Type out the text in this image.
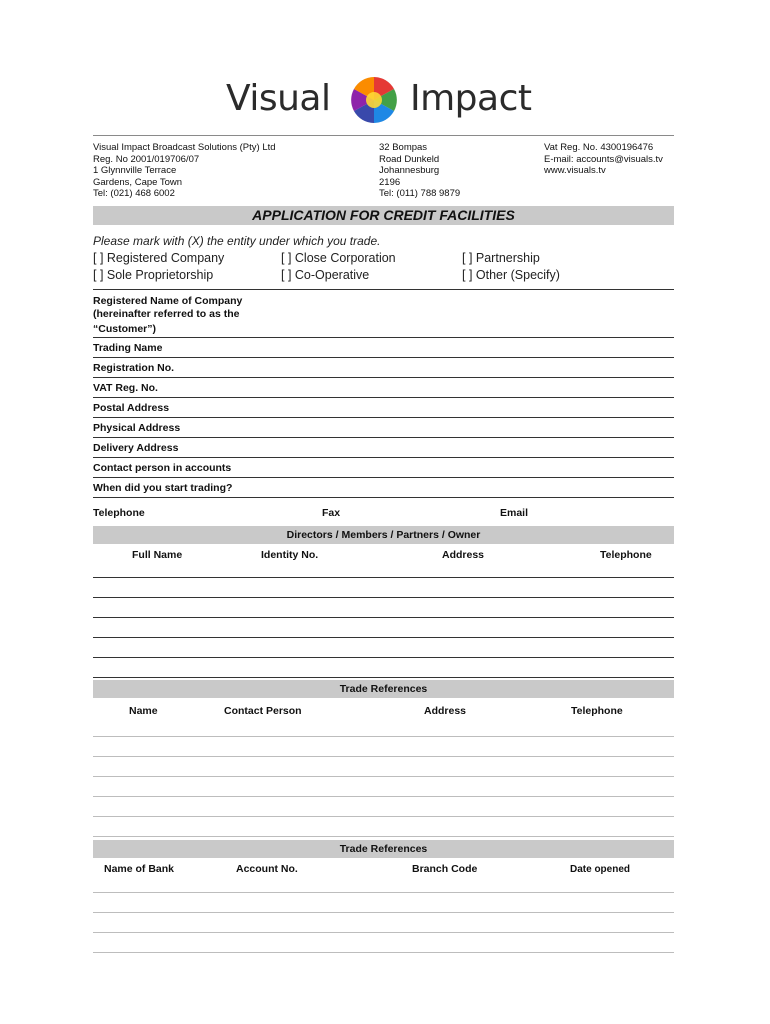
Visual Impact
Visual Impact Broadcast Solutions (Pty) Ltd
Reg. No 2001/019706/07
1 Glynnville Terrace
Gardens, Cape Town
Tel: (021) 468 6002
32 Bompas
Road Dunkeld
Johannesburg
2196
Tel: (011) 788 9879
Vat Reg. No. 4300196476
E-mail: accounts@visuals.tv
www.visuals.tv
APPLICATION FOR CREDIT FACILITIES
Please mark with (X) the entity under which you trade.
[ ] Registered Company
[ ] Sole Proprietorship
[ ] Close Corporation
[ ] Co-Operative
[ ] Partnership
[ ] Other (Specify)
Registered Name of Company
(hereinafter referred to as the
“Customer”)
Trading Name
Registration No.
VAT Reg. No.
Postal Address
Physical Address
Delivery Address
Contact person in accounts
When did you start trading?
Telephone	Fax	Email
Directors / Members / Partners / Owner
Full Name	Identity No.	Address	Telephone
Trade References
Name	Contact Person	Address	Telephone
Trade References
Name of Bank	Account No.	Branch Code	Date opened
